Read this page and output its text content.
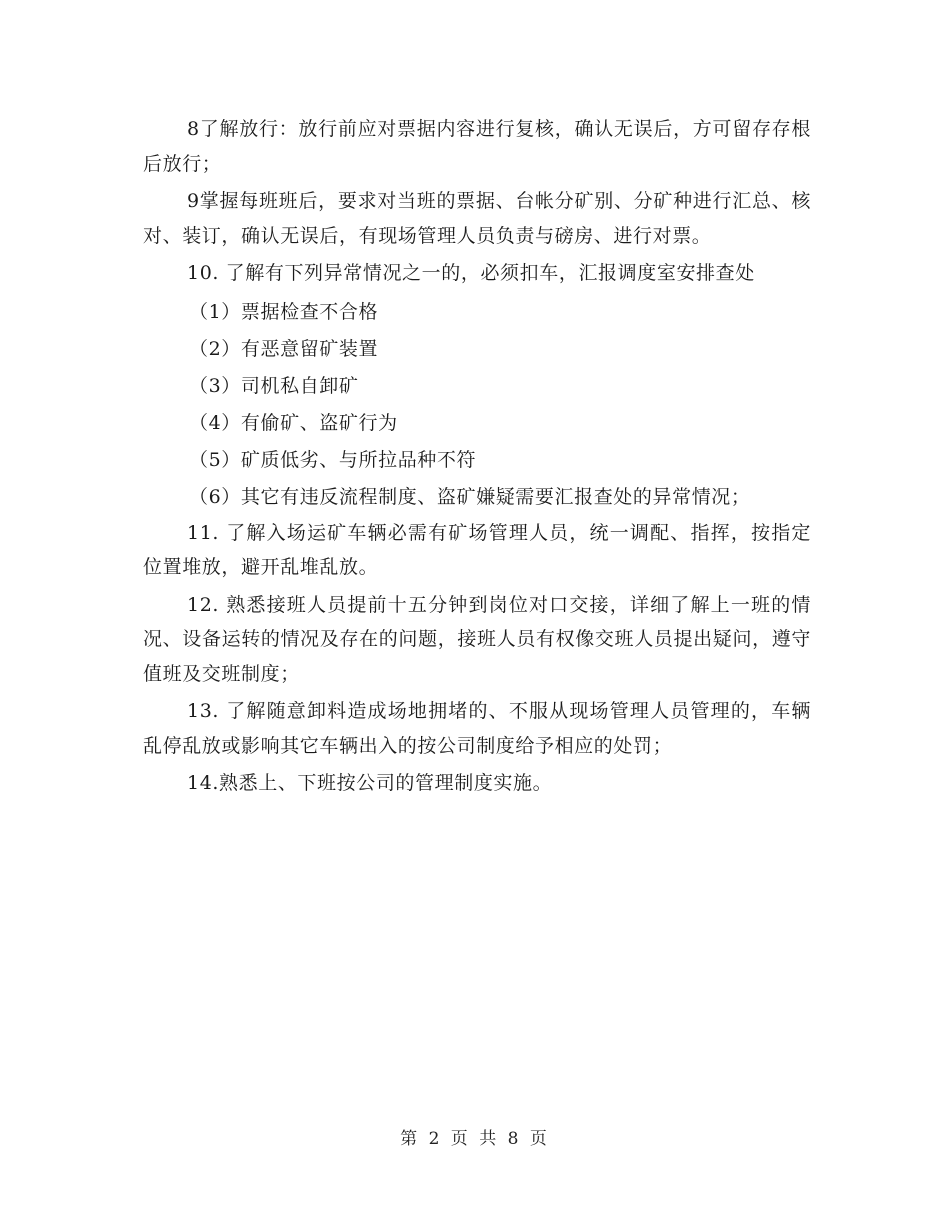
8了解放行：放行前应对票据内容进行复核，确认无误后，方可留存存根后放行；

9掌握每班班后，要求对当班的票据、台帐分矿别、分矿种进行汇总、核对、装订，确认无误后，有现场管理人员负责与磅房、进行对票。

10. 了解有下列异常情况之一的，必须扣车，汇报调度室安排查处

（1）票据检查不合格

（2）有恶意留矿装置

（3）司机私自卸矿

（4）有偷矿、盗矿行为

（5）矿质低劣、与所拉品种不符

（6）其它有违反流程制度、盗矿嫌疑需要汇报查处的异常情况；

11. 了解入场运矿车辆必需有矿场管理人员，统一调配、指挥，按指定位置堆放，避开乱堆乱放。

12. 熟悉接班人员提前十五分钟到岗位对口交接，详细了解上一班的情况、设备运转的情况及存在的问题，接班人员有权像交班人员提出疑问，遵守值班及交班制度；

13. 了解随意卸料造成场地拥堵的、不服从现场管理人员管理的，车辆乱停乱放或影响其它车辆出入的按公司制度给予相应的处罚；

14.熟悉上、下班按公司的管理制度实施。

第 2 页 共 8 页
